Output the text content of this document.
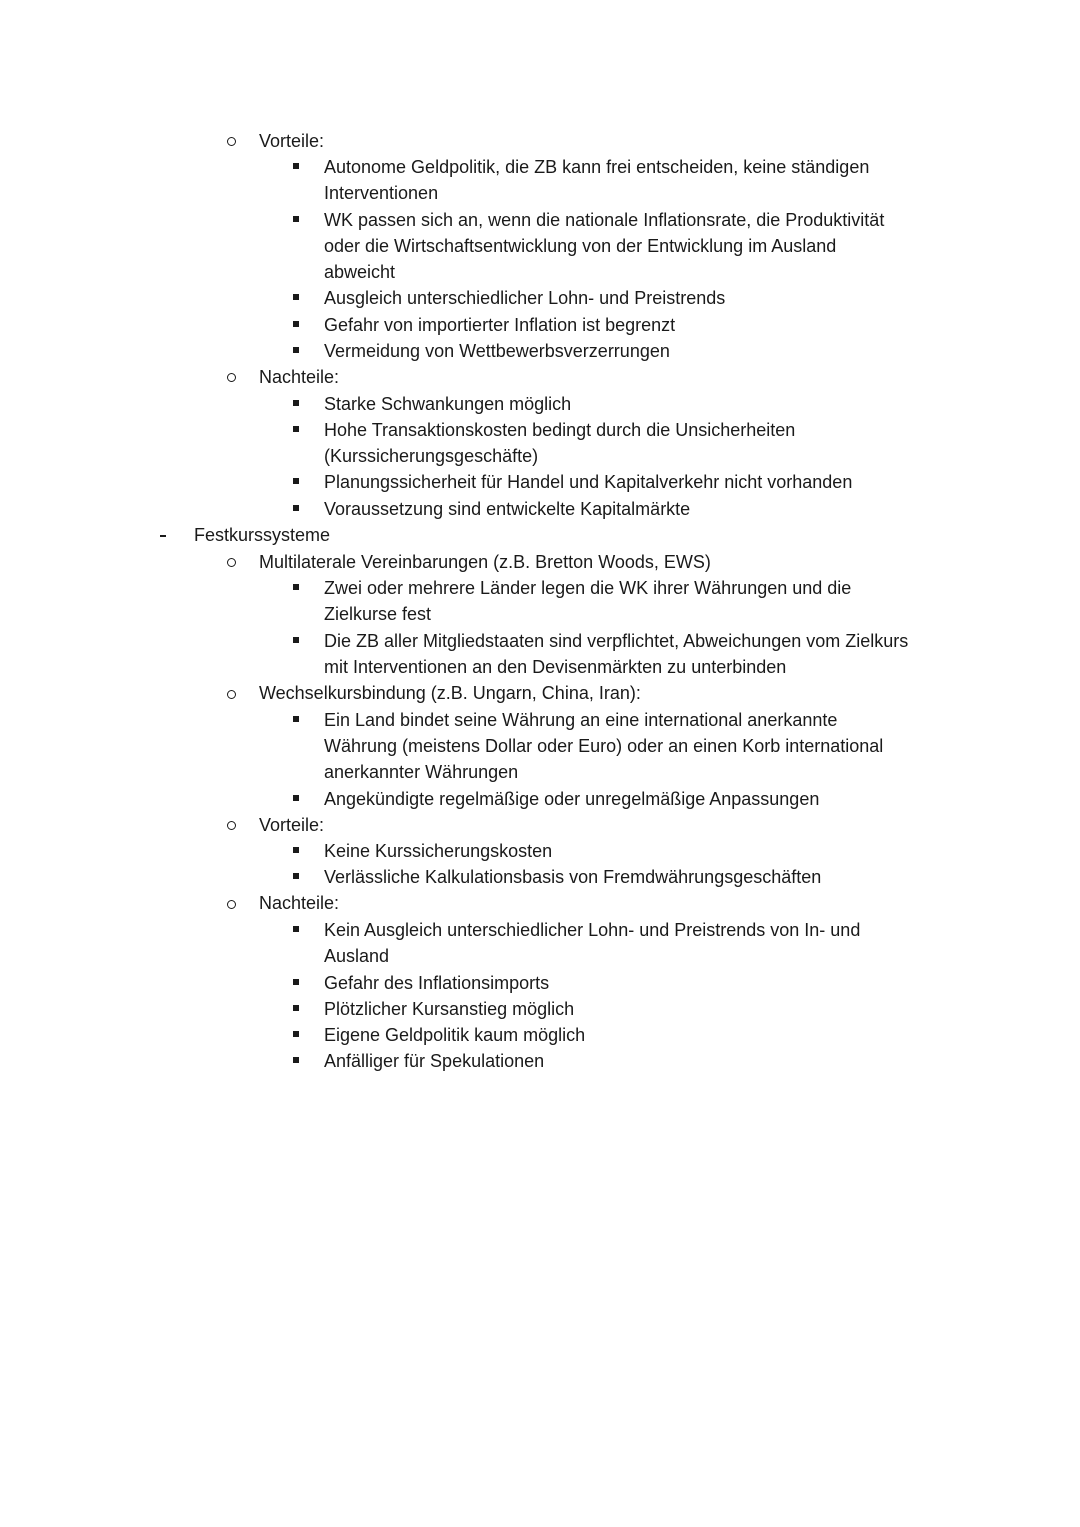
Vorteile:
Autonome Geldpolitik, die ZB kann frei entscheiden, keine ständigen
Interventionen
WK passen sich an, wenn die nationale Inflationsrate, die Produktivität
oder die Wirtschaftsentwicklung von der Entwicklung im Ausland
abweicht
Ausgleich unterschiedlicher Lohn- und Preistrends
Gefahr von importierter Inflation ist begrenzt
Vermeidung von Wettbewerbsverzerrungen
Nachteile:
Starke Schwankungen möglich
Hohe Transaktionskosten bedingt durch die Unsicherheiten
(Kurssicherungsgeschäfte)
Planungssicherheit für Handel und Kapitalverkehr nicht vorhanden
Voraussetzung sind entwickelte Kapitalmärkte
Festkurssysteme
Multilaterale Vereinbarungen (z.B. Bretton Woods, EWS)
Zwei oder mehrere Länder legen die WK ihrer Währungen und die
Zielkurse fest
Die ZB aller Mitgliedstaaten sind verpflichtet, Abweichungen vom Zielkurs
mit Interventionen an den Devisenmärkten zu unterbinden
Wechselkursbindung (z.B. Ungarn, China, Iran):
Ein Land bindet seine Währung an eine international anerkannte
Währung (meistens Dollar oder Euro) oder an einen Korb international
anerkannter Währungen
Angekündigte regelmäßige oder unregelmäßige Anpassungen
Vorteile:
Keine Kurssicherungskosten
Verlässliche Kalkulationsbasis von Fremdwährungsgeschäften
Nachteile:
Kein Ausgleich unterschiedlicher Lohn- und Preistrends von In- und
Ausland
Gefahr des Inflationsimports
Plötzlicher Kursanstieg möglich
Eigene Geldpolitik kaum möglich
Anfälliger für Spekulationen
